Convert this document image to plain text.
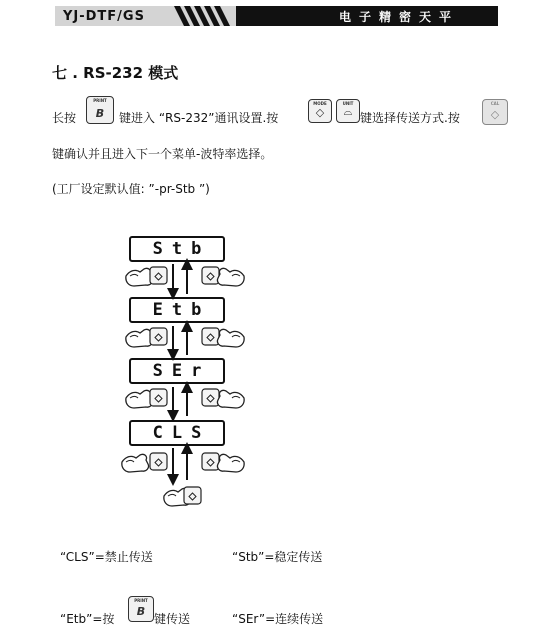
YJ-DTF/GS	电子精密天平
七 . RS-232 模式
长按
PRINT
B	键进入 “RS-232”通讯设置.按
MODE
◇
UNIT
⌓ 键选择传送方式.按
CAL
◇
键确认并且进入下一个菜单-波特率选择。
(工厂设定默认值: ”-pr-Stb ”)
Stb
Etb
SEr
CLS
“CLS”=禁止传送	“Stb”=稳定传送
“Etb”=按
PRINT
B
键传送	“SEr”=连续传送
